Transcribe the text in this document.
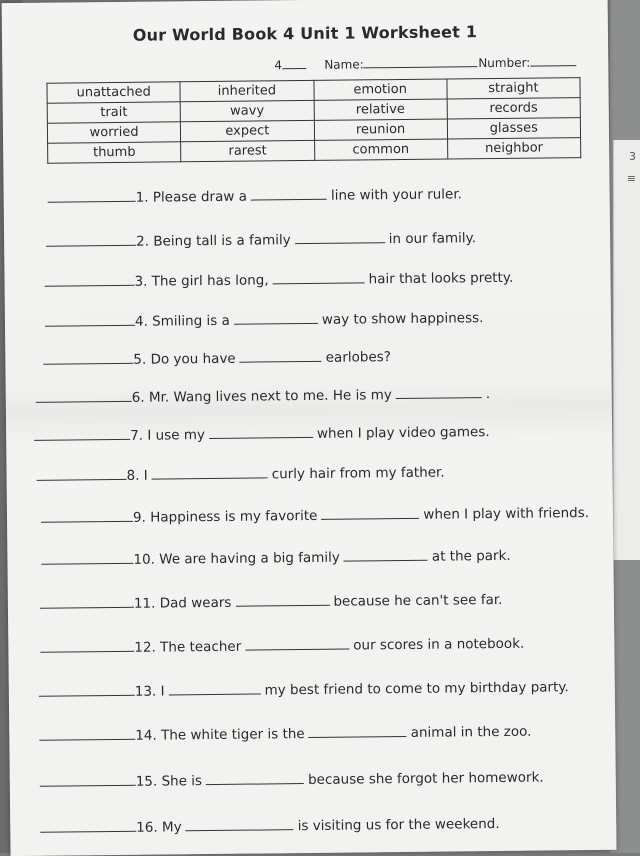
3
≡
Our World Book 4 Unit 1 Worksheet 1
4	Name:	Number:
unattached	inherited	emotion	straight
trait	wavy	relative	records
worried	expect	reunion	glasses
thumb	rarest	common	neighbor
1. Please draw a	line with your ruler.
2. Being tall is a family	in our family.
3. The girl has long,	hair that looks pretty.
4. Smiling is a	way to show happiness.
5. Do you have	earlobes?
6. Mr. Wang lives next to me. He is my	.
7. I use my	when I play video games.
8. I	curly hair from my father.
9. Happiness is my favorite	when I play with friends.
10. We are having a big family	at the park.
11. Dad wears	because he can't see far.
12. The teacher	our scores in a notebook.
13. I	my best friend to come to my birthday party.
14. The white tiger is the	animal in the zoo.
15. She is	because she forgot her homework.
16. My	is visiting us for the weekend.
